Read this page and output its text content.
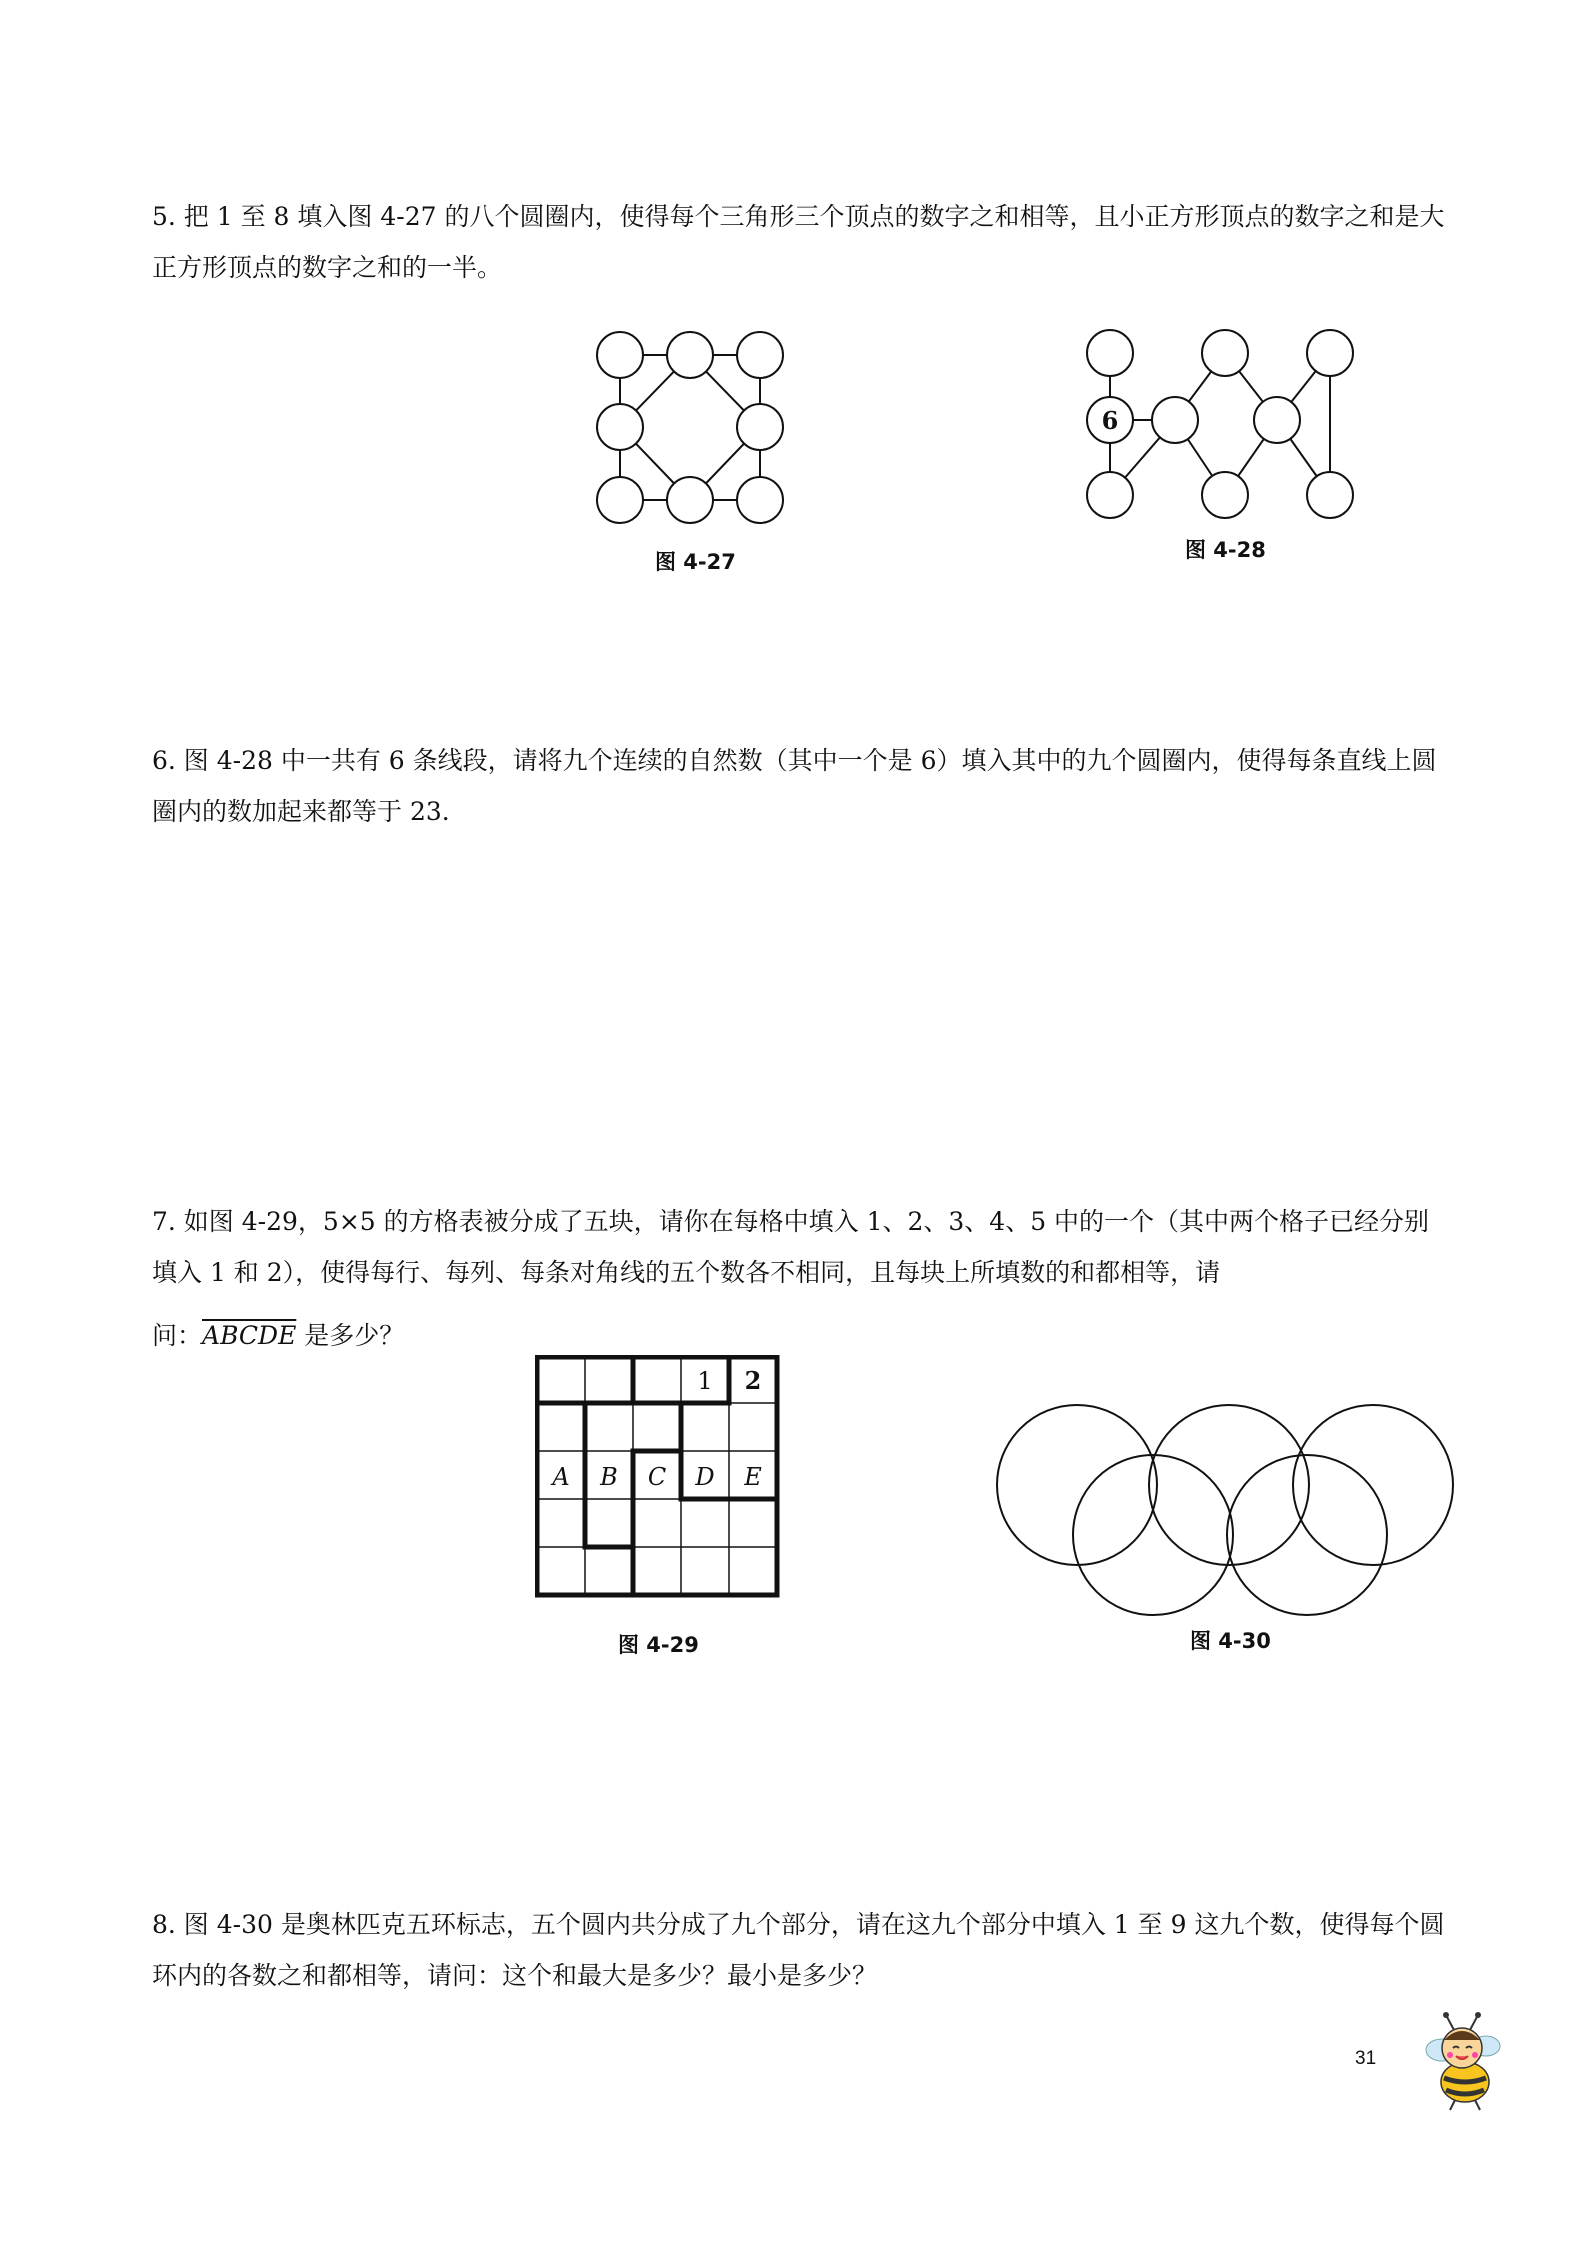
5. 把 1 至 8 填入图 4-27 的八个圆圈内，使得每个三角形三个顶点的数字之和相等，且小正方形顶点的数字之和是大正方形顶点的数字之和的一半。

图 4-27
6
图 4-28

6. 图 4-28 中一共有 6 条线段，请将九个连续的自然数（其中一个是 6）填入其中的九个圆圈内，使得每条直线上圆圈内的数加起来都等于 23.

7. 如图 4-29，5×5 的方格表被分成了五块，请你在每格中填入 1、2、3、4、5 中的一个（其中两个格子已经分别填入 1 和 2），使得每行、每列、每条对角线的五个数各不相同，且每块上所填数的和都相等，请

问：ABCDE 是多少？

1 2
A B C D E
图 4-29	图 4-30

8. 图 4-30 是奥林匹克五环标志，五个圆内共分成了九个部分，请在这九个部分中填入 1 至 9 这九个数，使得每个圆环内的各数之和都相等，请问：这个和最大是多少？最小是多少？

31
